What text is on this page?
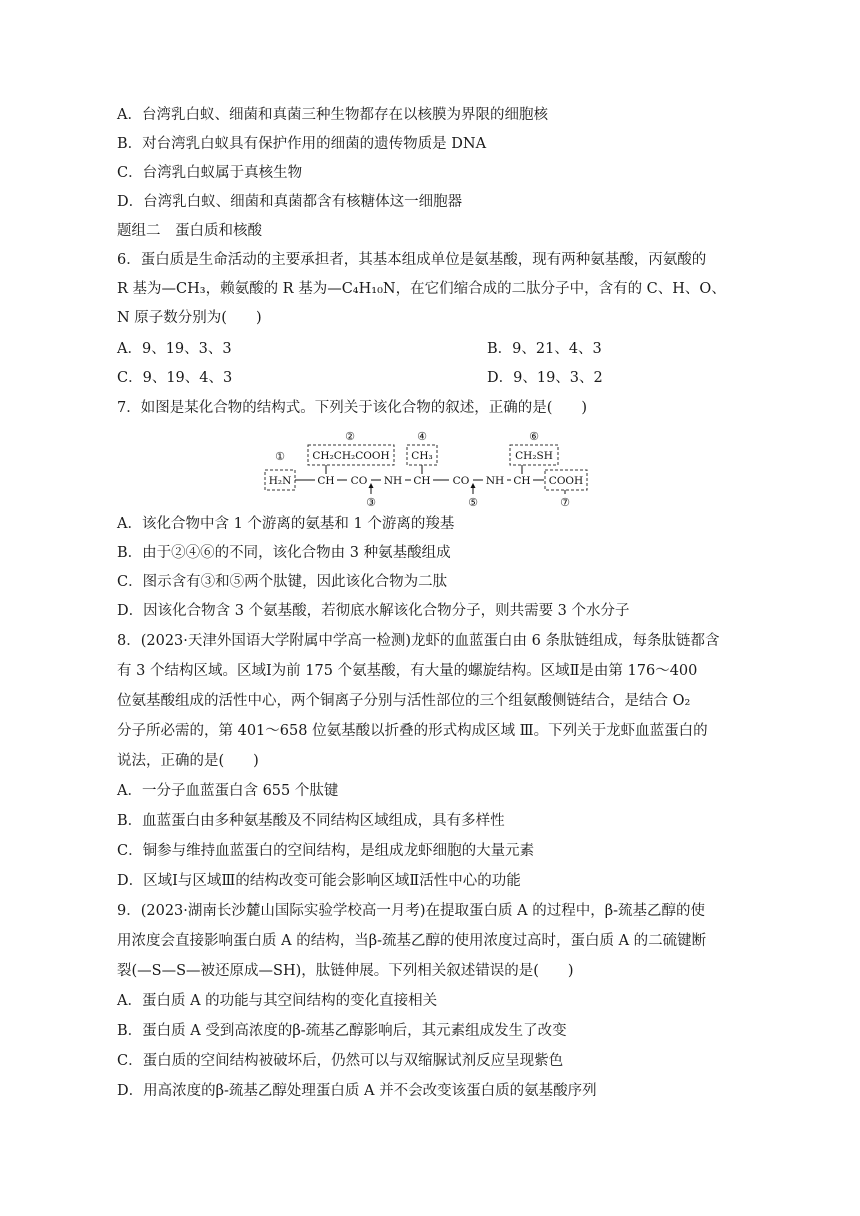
A．台湾乳白蚁、细菌和真菌三种生物都存在以核膜为界限的细胞核
B．对台湾乳白蚁具有保护作用的细菌的遗传物质是 DNA
C．台湾乳白蚁属于真核生物
D．台湾乳白蚁、细菌和真菌都含有核糖体这一细胞器
题组二　蛋白质和核酸
6．蛋白质是生命活动的主要承担者，其基本组成单位是氨基酸，现有两种氨基酸，丙氨酸的
R 基为—CH₃，赖氨酸的 R 基为—C₄H₁₀N，在它们缩合成的二肽分子中，含有的 C、H、O、
N 原子数分别为(　　)
A．9、19、3、3	B．9、21、4、3
C．9、19、4、3	D．9、19、3、2
7．如图是某化合物的结构式。下列关于该化合物的叙述，正确的是(　　)
①
②	④	⑥
③	⑤	⑦
CH₂CH₂COOH CH₃	CH₂SH
H₂N CH CO NH CH CO NH CH COOH
A．该化合物中含 1 个游离的氨基和 1 个游离的羧基
B．由于②④⑥的不同，该化合物由 3 种氨基酸组成
C．图示含有③和⑤两个肽键，因此该化合物为二肽
D．因该化合物含 3 个氨基酸，若彻底水解该化合物分子，则共需要 3 个水分子
8．(2023·天津外国语大学附属中学高一检测)龙虾的血蓝蛋白由 6 条肽链组成，每条肽链都含
有 3 个结构区域。区域Ⅰ为前 175 个氨基酸，有大量的螺旋结构。区域Ⅱ是由第 176～400
位氨基酸组成的活性中心，两个铜离子分别与活性部位的三个组氨酸侧链结合，是结合 O₂
分子所必需的，第 401～658 位氨基酸以折叠的形式构成区域 Ⅲ。下列关于龙虾血蓝蛋白的
说法，正确的是(　　)
A．一分子血蓝蛋白含 655 个肽键
B．血蓝蛋白由多种氨基酸及不同结构区域组成，具有多样性
C．铜参与维持血蓝蛋白的空间结构，是组成龙虾细胞的大量元素
D．区域Ⅰ与区域Ⅲ的结构改变可能会影响区域Ⅱ活性中心的功能
9．(2023·湖南长沙麓山国际实验学校高一月考)在提取蛋白质 A 的过程中，β-巯基乙醇的使
用浓度会直接影响蛋白质 A 的结构，当β-巯基乙醇的使用浓度过高时，蛋白质 A 的二硫键断
裂(—S—S—被还原成—SH)，肽链伸展。下列相关叙述错误的是(　　)
A．蛋白质 A 的功能与其空间结构的变化直接相关
B．蛋白质 A 受到高浓度的β-巯基乙醇影响后，其元素组成发生了改变
C．蛋白质的空间结构被破坏后，仍然可以与双缩脲试剂反应呈现紫色
D．用高浓度的β-巯基乙醇处理蛋白质 A 并不会改变该蛋白质的氨基酸序列
